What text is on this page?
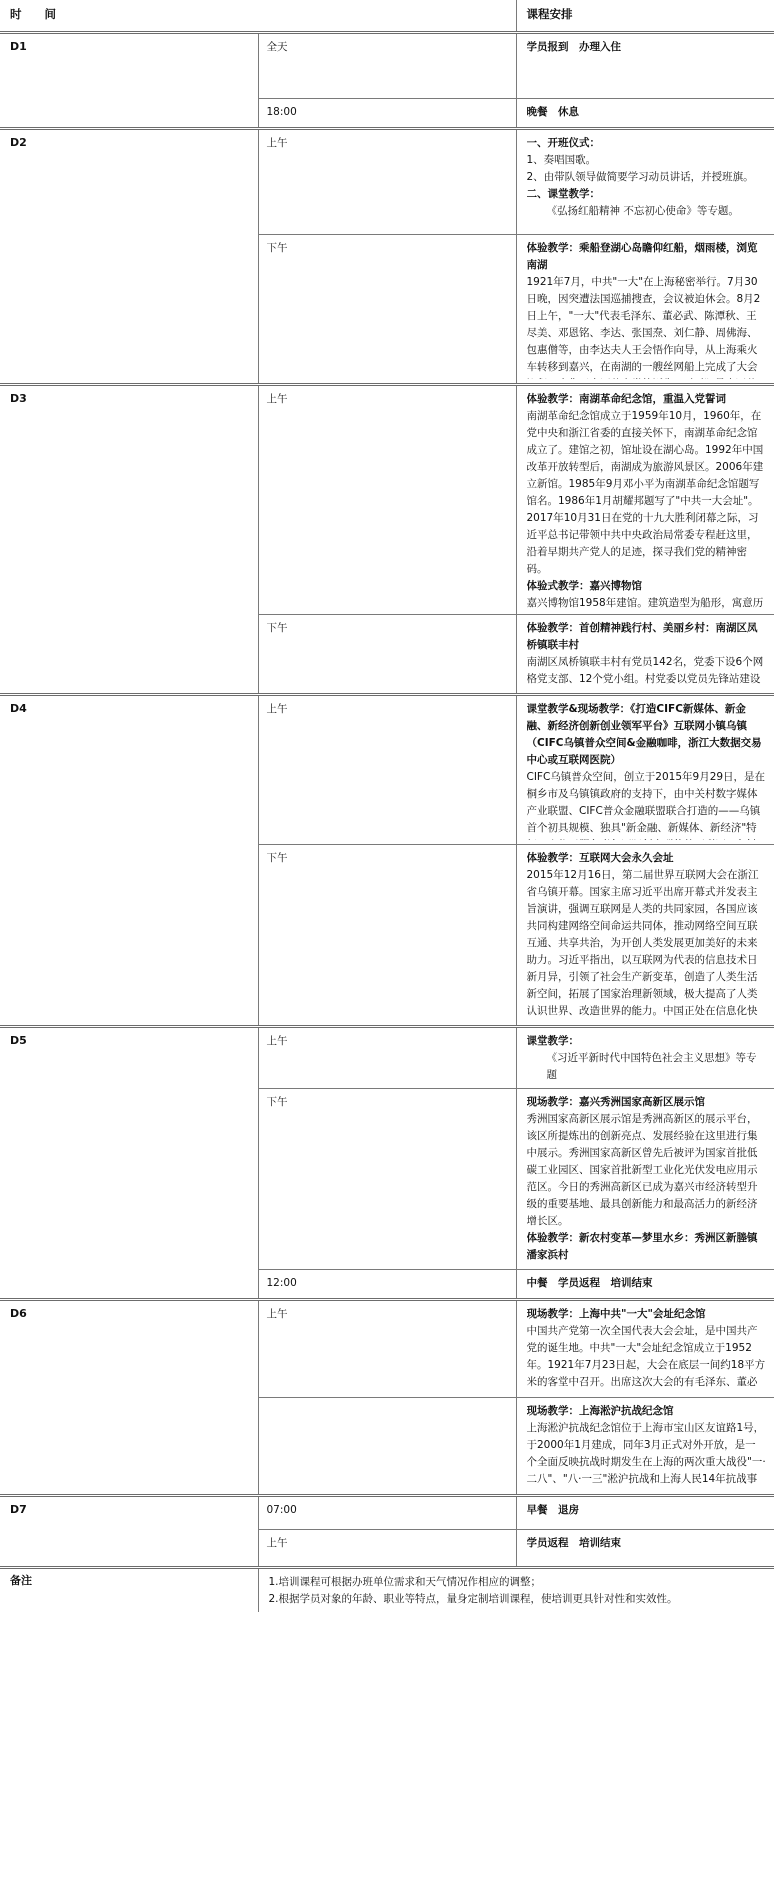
时　　间		课程安排
D1	全天	学员报到　办理入住

	18:00	晚餐　休息

D2	上午	一、开班仪式：

1、奏唱国歌。

2、由带队领导做简要学习动员讲话，并授班旗。

二、课堂教学：

《弘扬红船精神 不忘初心使命》等专题。

	下午	体验教学：乘船登湖心岛瞻仰红船，烟雨楼，浏览南湖

1921年7月，中共"一大"在上海秘密举行。7月30日晚，因突遭法国巡捕搜查，会议被迫休会。8月2日上午，"一大"代表毛泽东、董必武、陈潭秋、王尽美、邓恩铭、李达、张国焘、刘仁静、周佛海、包惠僧等，由李达夫人王会悟作向导，从上海乘火车转移到嘉兴，在南湖的一艘丝网船上完成了大会

D3	上午	体验教学：南湖革命纪念馆，重温入党誓词

南湖革命纪念馆成立于1959年10月，1960年，在党中央和浙江省委的直接关怀下，南湖革命纪念馆成立了。建馆之初，馆址设在湖心岛。1992年中国改革开放转型后，南湖成为旅游风景区。2006年建立新馆。1985年9月邓小平为南湖革命纪念馆题写馆名。1986年1月胡耀邦题写了"中共一大会址"。2017年10月31日在党的十九大胜利闭幕之际，习近平总书记带领中共中央政治局常委专程赶这里，沿着早期共产党人的足迹，探寻我们党的精神密码。

体验式教学：嘉兴博物馆

嘉兴博物馆1958年建馆。建筑造型为船形，寓意历

	下午	体验教学：首创精神践行村、美丽乡村：南湖区凤桥镇联丰村

南湖区凤桥镇联丰村有党员142名，党委下设6个网格党支部、12个党小组。村党委以党员先锋站建设

D4	上午	课堂教学&现场教学：《打造CIFC新媒体、新金融、新经济创新创业领军平台》互联网小镇乌镇（CIFC乌镇普众空间&金融咖啡，浙江大数据交易中心或互联网医院）

CIFC乌镇普众空间，创立于2015年9月29日，是在桐乡市及乌镇镇政府的支持下，由中关村数字媒体产业联盟、CIFC普众金融联盟联合打造的——乌镇首个初具规模、独具"新金融、新媒体、新经济"特

	下午	体验教学：互联网大会永久会址

2015年12月16日，第二届世界互联网大会在浙江省乌镇开幕。国家主席习近平出席开幕式并发表主旨演讲，强调互联网是人类的共同家园，各国应该共同构建网络空间命运共同体，推动网络空间互联互通、共享共治，为开创人类发展更加美好的未来助力。习近平指出，以互联网为代表的信息技术日新月异，引领了社会生产新变革，创造了人类生活新空间，拓展了国家治理新领域，极大提高了人类认识世界、改造世界的能力。中国正处在信息化快

D5	上午	课堂教学：

《习近平新时代中国特色社会主义思想》等专题

	下午	现场教学：嘉兴秀洲国家高新区展示馆

秀洲国家高新区展示馆是秀洲高新区的展示平台，该区所提炼出的创新亮点、发展经验在这里进行集中展示。秀洲国家高新区曾先后被评为国家首批低碳工业园区、国家首批新型工业化光伏发电应用示范区。今日的秀洲高新区已成为嘉兴市经济转型升级的重要基地、最具创新能力和最高活力的新经济增长区。

体验教学：新农村变革—梦里水乡：秀洲区新塍镇潘家浜村

	12:00	中餐　学员返程　培训结束

D6	上午	现场教学：上海中共"一大"会址纪念馆

中国共产党第一次全国代表大会会址，是中国共产党的诞生地。中共"一大"会址纪念馆成立于1952年。1921年7月23日起，大会在底层一间约18平方米的客堂中召开。出席这次大会的有毛泽东、董必

		现场教学：上海淞沪抗战纪念馆

上海淞沪抗战纪念馆位于上海市宝山区友谊路1号，于2000年1月建成，同年3月正式对外开放，是一个全面反映抗战时期发生在上海的两次重大战役"一·二八"、"八·一三"淞沪抗战和上海人民14年抗战事

D7	07:00	早餐　退房

	上午	学员返程　培训结束

备注	1.培训课程可根据办班单位需求和天气情况作相应的调整；

2.根据学员对象的年龄、职业等特点，量身定制培训课程，使培训更具针对性和实效性。	
